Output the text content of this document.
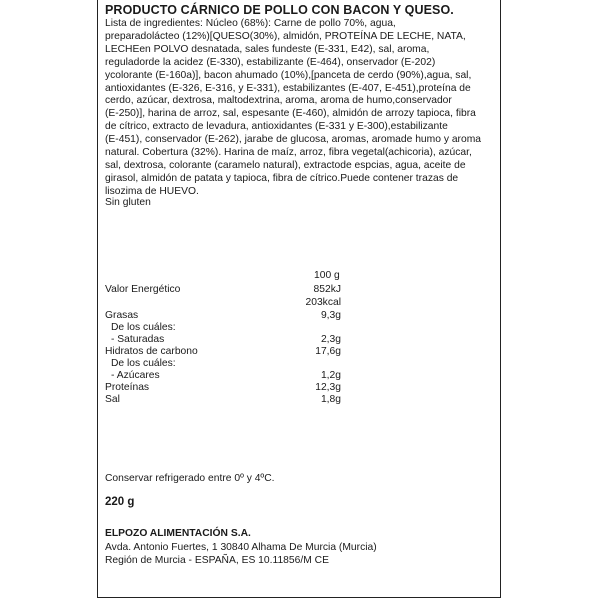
PRODUCTO CÁRNICO DE POLLO CON BACON Y QUESO.
Lista de ingredientes: Núcleo (68%): Carne de pollo 70%, agua,
preparadolácteo (12%)[QUESO(30%), almidón, PROTEÍNA DE LECHE, NATA,
LECHEen POLVO desnatada, sales fundeste (E-331, E42), sal, aroma,
reguladorde la acidez (E-330), estabilizante (E-464), onservador (E-202)
ycolorante (E-160a)], bacon ahumado (10%),[panceta de cerdo (90%),agua, sal,
antioxidantes (E-326, E-316, y E-331), estabilizantes (E-407, E-451),proteína de
cerdo, azúcar, dextrosa, maltodextrina, aroma, aroma de humo,conservador
(E-250)], harina de arroz, sal, espesante (E-460), almidón de arrozy tapioca, fibra
de cítrico, extracto de levadura, antioxidantes (E-331 y E-300),estabilizante
(E-451), conservador (E-262), jarabe de glucosa, aromas, aromade humo y aroma
natural. Cobertura (32%). Harina de maíz, arroz, fibra vegetal(achicoria), azúcar,
sal, dextrosa, colorante (caramelo natural), extractode espcias, agua, aceite de
girasol, almidón de patata y tapioca, fibra de cítrico.Puede contener trazas de
lisozima de HUEVO.
Sin gluten
100 g
Valor Energético	852kJ
203kcal
Grasas	9,3g
De los cuáles:
- Saturadas	2,3g
Hidratos de carbono	17,6g
De los cuáles:
- Azúcares	1,2g
Proteínas	12,3g
Sal	1,8g
Conservar refrigerado entre 0º y 4ºC.
220 g
ELPOZO ALIMENTACIÓN S.A.
Avda. Antonio Fuertes, 1 30840 Alhama De Murcia (Murcia)
Región de Murcia - ESPAÑA, ES 10.11856/M CE
